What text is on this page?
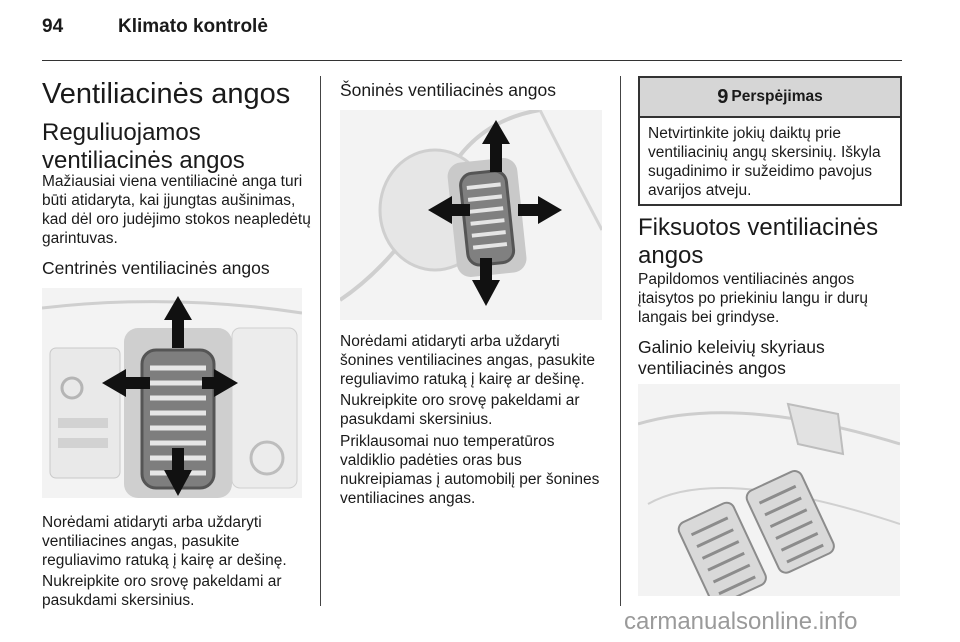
94	Klimato kontrolė
Ventiliacinės angos
Reguliuojamos ventiliacinės angos

Mažiausiai viena ventiliacinė anga turi būti atidaryta, kai įjungtas aušinimas, kad dėl oro judėjimo stokos neapledėtų garintuvas.

Centrinės ventiliacinės angos

Norėdami atidaryti arba uždaryti ventiliacines angas, pasukite reguliavimo ratuką į kairę ar dešinę.

Nukreipkite oro srovę pakeldami ar pasukdami skersinius.

Šoninės ventiliacinės angos

Norėdami atidaryti arba uždaryti šonines ventiliacines angas, pasukite reguliavimo ratuką į kairę ar dešinę.

Nukreipkite oro srovę pakeldami ar pasukdami skersinius.

Priklausomai nuo temperatūros valdiklio padėties oras bus nukreipiamas į automobilį per šonines ventiliacines angas.

9 Perspėjimas

Netvirtinkite jokių daiktų prie ventiliacinių angų skersinių. Iškyla sugadinimo ir sužeidimo pavojus avarijos atveju.

Fiksuotos ventiliacinės angos

Papildomos ventiliacinės angos įtaisytos po priekiniu langu ir durų langais bei grindyse.

Galinio keleivių skyriaus ventiliacinės angos
carmanualsonline.info
